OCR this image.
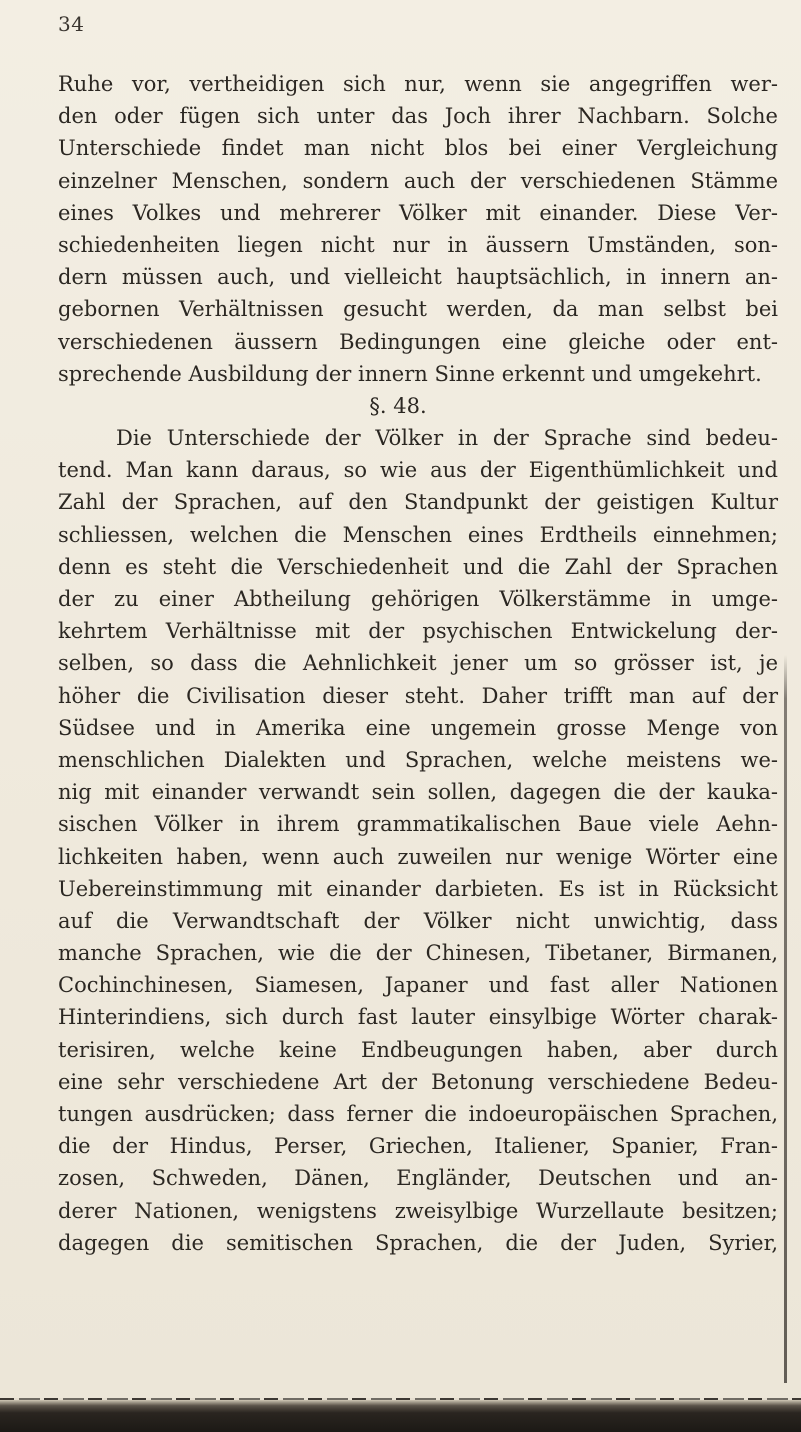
34
Ruhe vor, vertheidigen sich nur, wenn sie angegriffen wer-
den oder fügen sich unter das Joch ihrer Nachbarn. Solche
Unterschiede findet man nicht blos bei einer Vergleichung
einzelner Menschen, sondern auch der verschiedenen Stämme
eines Volkes und mehrerer Völker mit einander. Diese Ver-
schiedenheiten liegen nicht nur in äussern Umständen, son-
dern müssen auch, und vielleicht hauptsächlich, in innern an-
gebornen Verhältnissen gesucht werden, da man selbst bei
verschiedenen äussern Bedingungen eine gleiche oder ent-
sprechende Ausbildung der innern Sinne erkennt und umgekehrt.
§. 48.
Die Unterschiede der Völker in der Sprache sind bedeu-
tend. Man kann daraus, so wie aus der Eigenthümlichkeit und
Zahl der Sprachen, auf den Standpunkt der geistigen Kultur
schliessen, welchen die Menschen eines Erdtheils einnehmen;
denn es steht die Verschiedenheit und die Zahl der Sprachen
der zu einer Abtheilung gehörigen Völkerstämme in umge-
kehrtem Verhältnisse mit der psychischen Entwickelung der-
selben, so dass die Aehnlichkeit jener um so grösser ist, je
höher die Civilisation dieser steht. Daher trifft man auf der
Südsee und in Amerika eine ungemein grosse Menge von
menschlichen Dialekten und Sprachen, welche meistens we-
nig mit einander verwandt sein sollen, dagegen die der kauka-
sischen Völker in ihrem grammatikalischen Baue viele Aehn-
lichkeiten haben, wenn auch zuweilen nur wenige Wörter eine
Uebereinstimmung mit einander darbieten. Es ist in Rücksicht
auf die Verwandtschaft der Völker nicht unwichtig, dass
manche Sprachen, wie die der Chinesen, Tibetaner, Birmanen,
Cochinchinesen, Siamesen, Japaner und fast aller Nationen
Hinterindiens, sich durch fast lauter einsylbige Wörter charak-
terisiren, welche keine Endbeugungen haben, aber durch
eine sehr verschiedene Art der Betonung verschiedene Bedeu-
tungen ausdrücken; dass ferner die indoeuropäischen Sprachen,
die der Hindus, Perser, Griechen, Italiener, Spanier, Fran-
zosen, Schweden, Dänen, Engländer, Deutschen und an-
derer Nationen, wenigstens zweisylbige Wurzellaute besitzen;
dagegen die semitischen Sprachen, die der Juden, Syrier,
